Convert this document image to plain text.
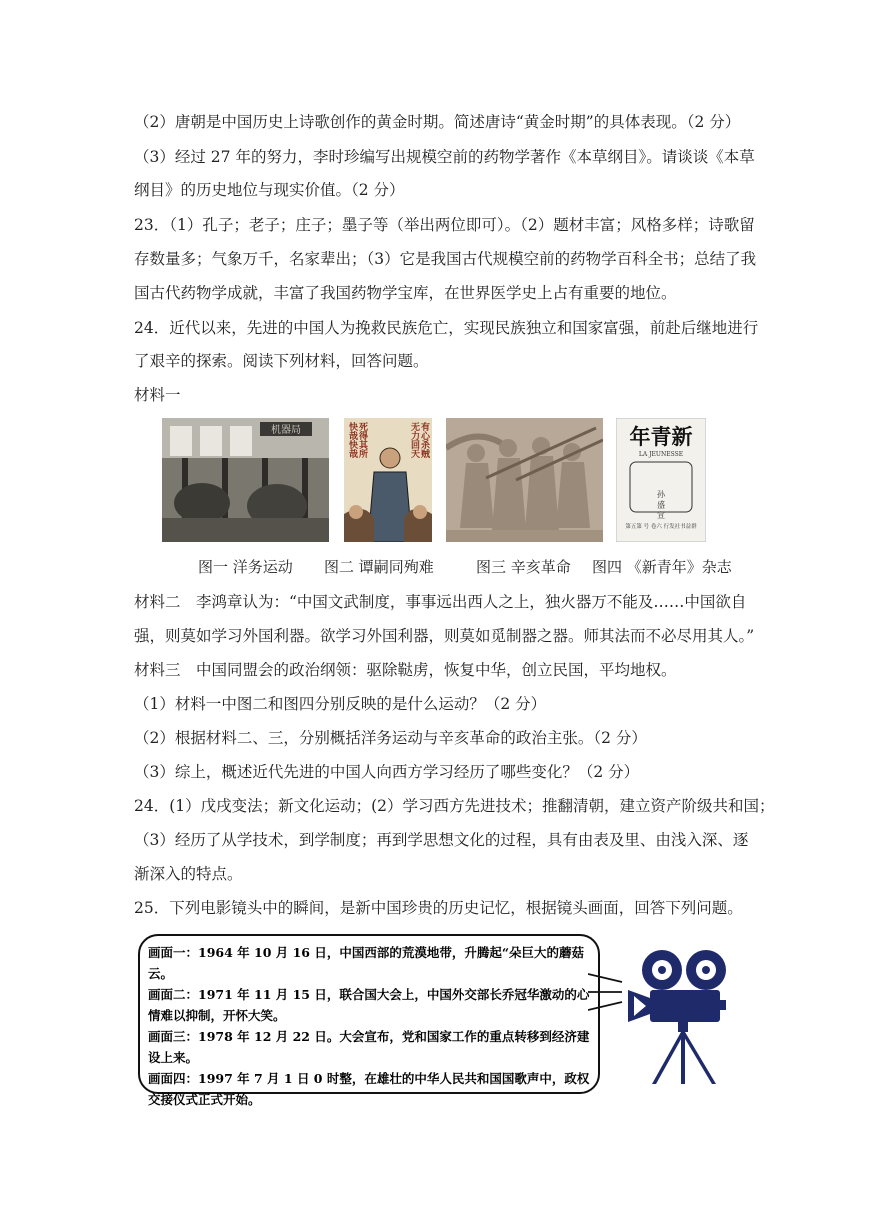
（2）唐朝是中国历史上诗歌创作的黄金时期。简述唐诗“黄金时期”的具体表现。（2 分）
（3）经过 27 年的努力，李时珍编写出规模空前的药物学著作《本草纲目》。请谈谈《本草
纲目》的历史地位与现实价值。（2 分）
23．（1）孔子；老子；庄子；墨子等（举出两位即可）。（2）题材丰富；风格多样；诗歌留
存数量多；气象万千，名家辈出；（3）它是我国古代规模空前的药物学百科全书；总结了我
国古代药物学成就，丰富了我国药物学宝库，在世界医学史上占有重要的地位。
24．近代以来，先进的中国人为挽救民族危亡，实现民族独立和国家富强，前赴后继地进行
了艰辛的探索。阅读下列材料，回答问题。
材料一
机器局	有心杀贼
无力回天
死得其所
快哉快哉	年青新
LA JEUNESSE
孙 盛 宣
第五第 号 卷六 行发社书益群
图一 洋务运动 图二 谭嗣同殉难	图三 辛亥革命 图四 《新青年》杂志
材料二　李鸿章认为：“中国文武制度，事事远出西人之上，独火器万不能及……中国欲自
强，则莫如学习外国利器。欲学习外国利器，则莫如觅制器之器。师其法而不必尽用其人。”
材料三　中国同盟会的政治纲领：驱除鞑虏，恢复中华，创立民国，平均地权。
（1）材料一中图二和图四分别反映的是什么运动？（2 分）
（2）根据材料二、三，分别概括洋务运动与辛亥革命的政治主张。（2 分）
（3）综上，概述近代先进的中国人向西方学习经历了哪些变化？（2 分）
24．(1）戊戌变法；新文化运动；(2）学习西方先进技术；推翻清朝，建立资产阶级共和国；
（3）经历了从学技术，到学制度；再到学思想文化的过程，具有由表及里、由浅入深、逐
渐深入的特点。
25．下列电影镜头中的瞬间，是新中国珍贵的历史记忆，根据镜头画面，回答下列问题。

画面一：1964 年 10 月 16 日，中国西部的荒漠地带，升腾起“朵巨大的蘑菇

云。

画面二：1971 年 11 月 15 日，联合国大会上，中国外交部长乔冠华激动的心

情难以抑制，开怀大笑。

画面三：1978 年 12 月 22 日。大会宣布，党和国家工作的重点转移到经济建

设上来。

画面四：1997 年 7 月 1 日 0 时整，在雄壮的中华人民共和国国歌声中，政权

交接仪式正式开始。
